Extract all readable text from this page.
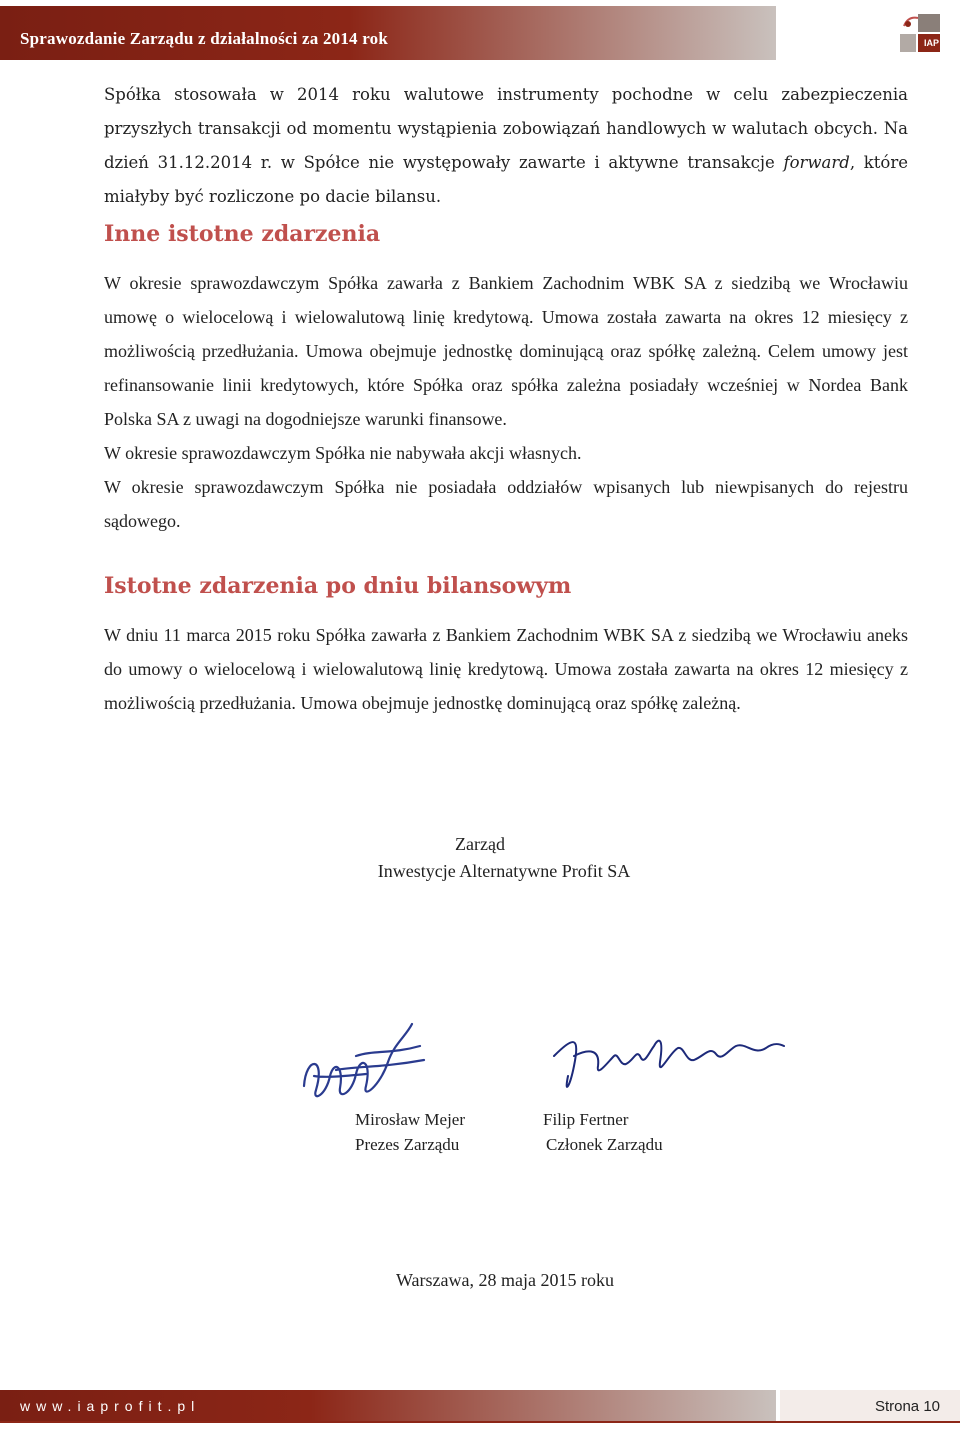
Sprawozdanie Zarządu z działalności za 2014 rok	IAP

Spółka stosowała w 2014 roku walutowe instrumenty pochodne w celu zabezpieczenia przyszłych transakcji od momentu wystąpienia zobowiązań handlowych w walutach obcych. Na dzień 31.12.2014 r. w Spółce nie występowały zawarte i aktywne transakcje forward, które miałyby być rozliczone po dacie bilansu.

Inne istotne zdarzenia

W okresie sprawozdawczym Spółka zawarła z Bankiem Zachodnim WBK SA z siedzibą we Wrocławiu umowę o wielocelową i wielowalutową linię kredytową. Umowa została zawarta na okres 12 miesięcy z możliwością przedłużania. Umowa obejmuje jednostkę dominującą oraz spółkę zależną. Celem umowy jest refinansowanie linii kredytowych, które Spółka oraz spółka zależna posiadały wcześniej w Nordea Bank Polska SA z uwagi na dogodniejsze warunki finansowe.

W okresie sprawozdawczym Spółka nie nabywała akcji własnych.

W okresie sprawozdawczym Spółka nie posiadała oddziałów wpisanych lub niewpisanych do rejestru sądowego.

Istotne zdarzenia po dniu bilansowym

W dniu 11 marca 2015 roku Spółka zawarła z Bankiem Zachodnim WBK SA z siedzibą we Wrocławiu aneks do umowy o wielocelową i wielowalutową linię kredytową. Umowa została zawarta na okres 12 miesięcy z możliwością przedłużania. Umowa obejmuje jednostkę dominującą oraz spółkę zależną.

Zarząd
Inwestycje Alternatywne Profit SA
Mirosław Mejer
Prezes Zarządu
Filip Fertner
Członek Zarządu
Warszawa, 28 maja 2015 roku
www.iaprofit.pl	Strona 10
